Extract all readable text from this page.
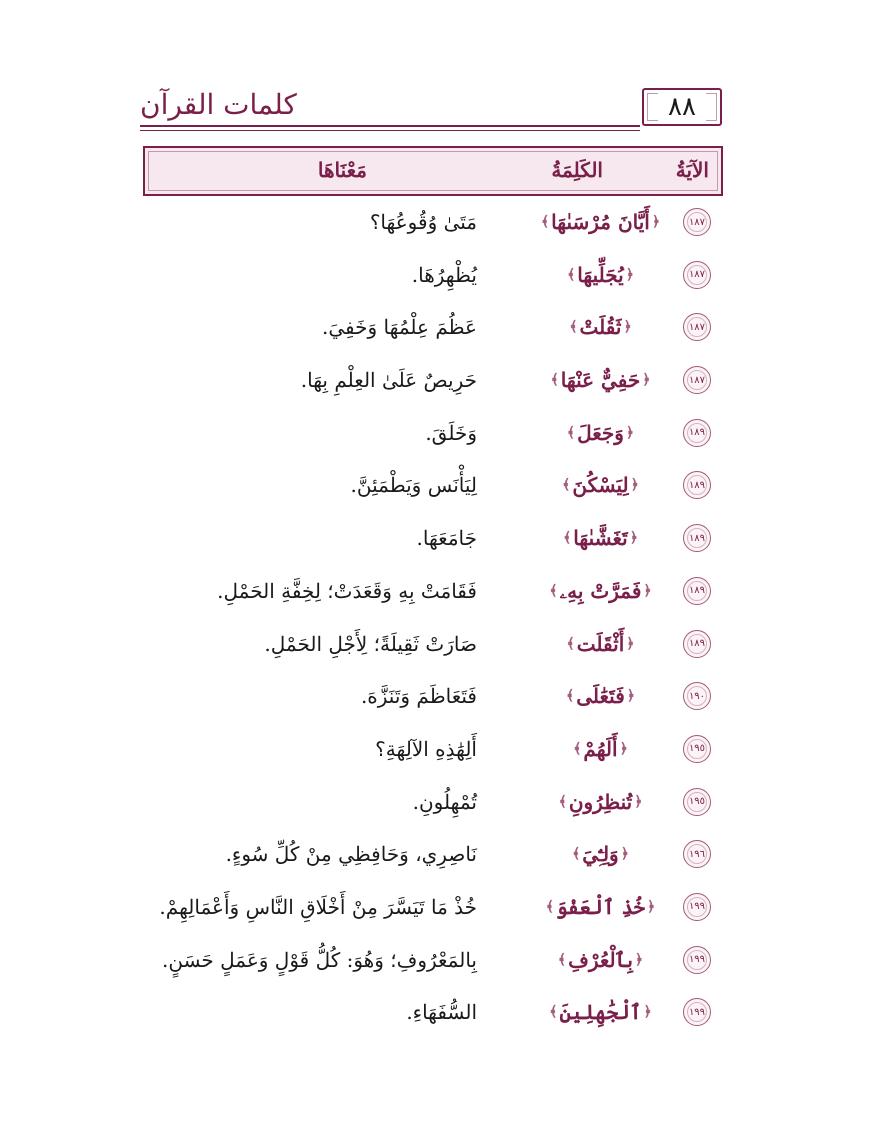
كلمات القرآن	٨٨
الآيَةُ
الكَلِمَةُ
مَعْنَاهَا
١٨٧
﴿
أَيَّانَ مُرْسَىٰهَا
﴾
مَتَىٰ وُقُوعُهَا؟
١٨٧
﴿
يُجَلِّيهَا
﴾
يُظْهِرُهَا.
١٨٧
﴿
ثَقُلَتْ
﴾
عَظُمَ عِلْمُهَا وَخَفِيَ.
١٨٧
﴿
حَفِيٌّ عَنْهَا
﴾
حَرِيصٌ عَلَىٰ العِلْمِ بِهَا.
١٨٩
﴿
وَجَعَلَ
﴾
وَخَلَقَ.
١٨٩
﴿
لِيَسْكُنَ
﴾
لِيَأْنَس وَيَطْمَئِنَّ.
١٨٩
﴿
تَغَشَّىٰهَا
﴾
جَامَعَهَا.
١٨٩
﴿
فَمَرَّتْ بِهِۦ
﴾
فَقَامَتْ بِهِ وَقَعَدَتْ؛ لِخِفَّةِ الحَمْلِ.
١٨٩
﴿
أَثْقَلَت
﴾
صَارَتْ ثَقِيلَةً؛ لِأَجْلِ الحَمْلِ.
١٩٠
﴿
فَتَعَٰلَى
﴾
فَتَعَاظَمَ وَتَنَزَّهَ.
١٩٥
﴿
أَلَهُمْ
﴾
أَلِهَٰذِهِ الآلِهَةِ؟
١٩٥
﴿
تُنظِرُونِ
﴾
تُمْهِلُونِ.
١٩٦
﴿
وَلِـِّۧيَ
﴾
نَاصِرِي، وَحَافِظِي مِنْ كُلِّ سُوءٍ.
١٩٩
﴿
خُذِ ٱلْعَفْوَ
﴾
خُذْ مَا تَيَسَّرَ مِنْ أَخْلَاقِ النَّاسِ وَأَعْمَالِهِمْ.
١٩٩
﴿
بِٱلْعُرْفِ
﴾
بِالمَعْرُوفِ؛ وَهُوَ: كُلُّ قَوْلٍ وَعَمَلٍ حَسَنٍ.
١٩٩
﴿
ٱلْجَٰهِلِينَ
﴾
السُّفَهَاءِ.
